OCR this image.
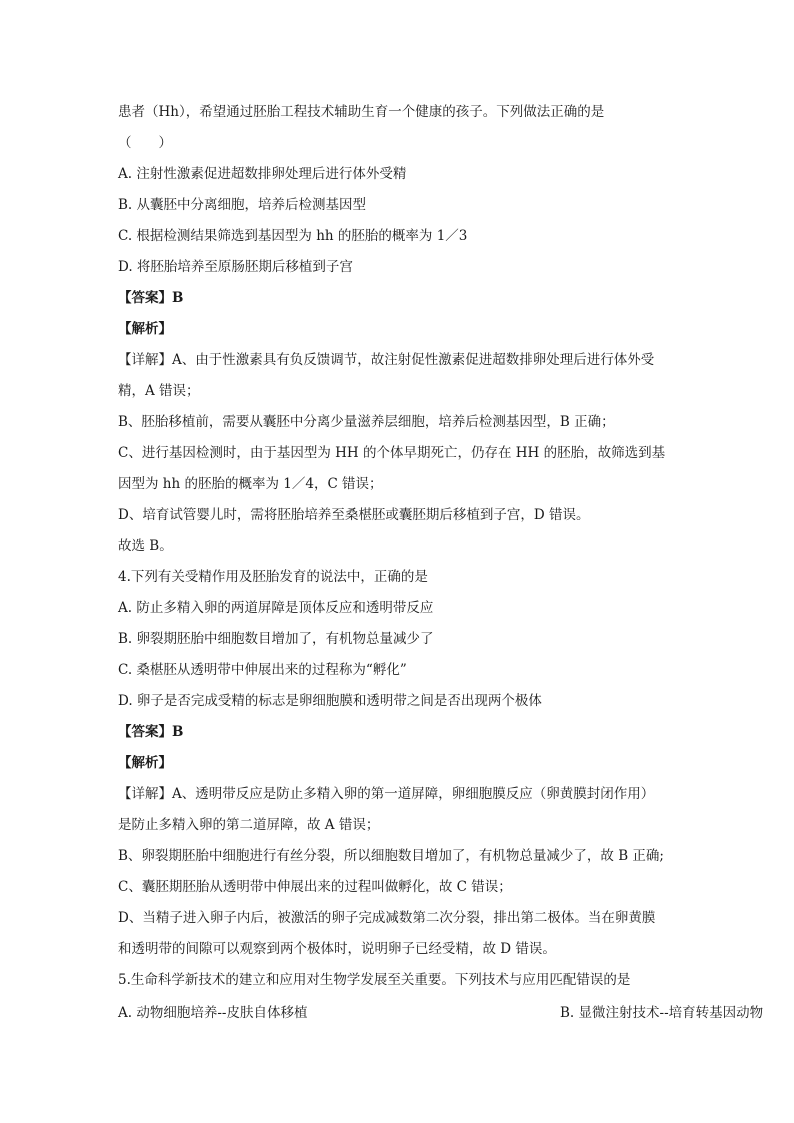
患者（Hh），希望通过胚胎工程技术辅助生育一个健康的孩子。下列做法正确的是
（　　）
A. 注射性激素促进超数排卵处理后进行体外受精
B. 从囊胚中分离细胞，培养后检测基因型
C. 根据检测结果筛选到基因型为 hh 的胚胎的概率为 1／3
D. 将胚胎培养至原肠胚期后移植到子宫
【答案】B
【解析】
【详解】A、由于性激素具有负反馈调节，故注射促性激素促进超数排卵处理后进行体外受
精，A 错误；
B、胚胎移植前，需要从囊胚中分离少量滋养层细胞，培养后检测基因型，B 正确；
C、进行基因检测时，由于基因型为 HH 的个体早期死亡，仍存在 HH 的胚胎，故筛选到基
因型为 hh 的胚胎的概率为 1／4，C 错误；
D、培育试管婴儿时，需将胚胎培养至桑椹胚或囊胚期后移植到子宫，D 错误。
故选 B。
4.下列有关受精作用及胚胎发育的说法中，正确的是
A. 防止多精入卵的两道屏障是顶体反应和透明带反应
B. 卵裂期胚胎中细胞数目增加了，有机物总量减少了
C. 桑椹胚从透明带中伸展出来的过程称为“孵化”
D. 卵子是否完成受精的标志是卵细胞膜和透明带之间是否出现两个极体
【答案】B
【解析】
【详解】A、透明带反应是防止多精入卵的第一道屏障，卵细胞膜反应（卵黄膜封闭作用）
是防止多精入卵的第二道屏障，故 A 错误；
B、卵裂期胚胎中细胞进行有丝分裂，所以细胞数目增加了，有机物总量减少了，故 B 正确;
C、囊胚期胚胎从透明带中伸展出来的过程叫做孵化，故 C 错误；
D、当精子进入卵子内后，被激活的卵子完成减数第二次分裂，排出第二极体。当在卵黄膜
和透明带的间隙可以观察到两个极体时，说明卵子已经受精，故 D 错误。
5.生命科学新技术的建立和应用对生物学发展至关重要。下列技术与应用匹配错误的是
A. 动物细胞培养--皮肤自体移植	B. 显微注射技术--培育转基因动物
